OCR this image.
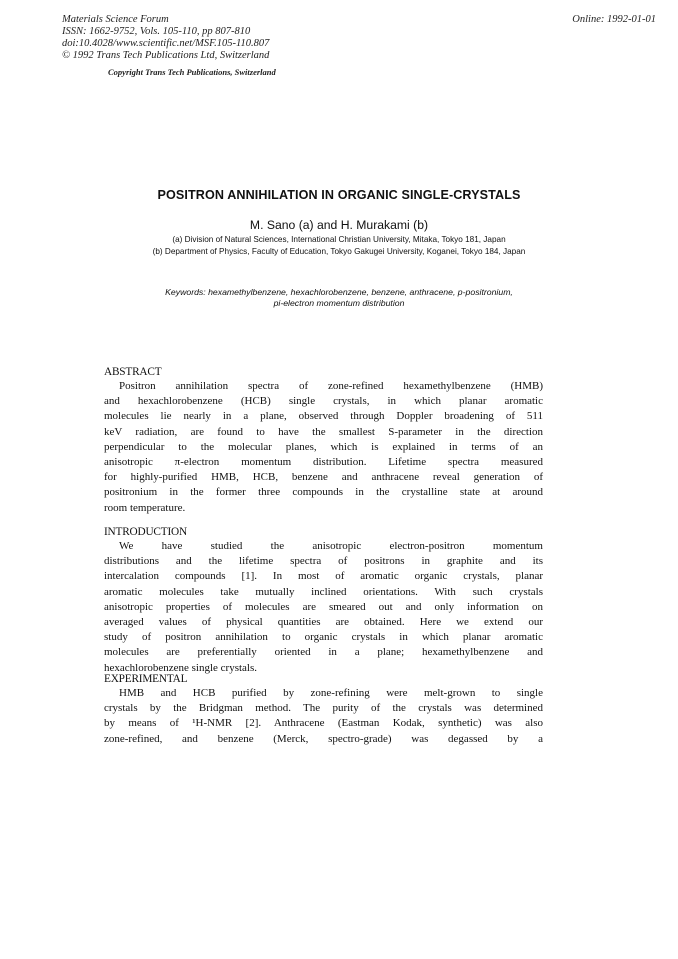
Materials Science Forum
ISSN: 1662-9752, Vols. 105-110, pp 807-810
doi:10.4028/www.scientific.net/MSF.105-110.807
© 1992 Trans Tech Publications Ltd, Switzerland
Online: 1992-01-01
Copyright Trans Tech Publications, Switzerland
POSITRON ANNIHILATION IN ORGANIC SINGLE-CRYSTALS
M. Sano (a) and H. Murakami (b)
(a) Division of Natural Sciences, International Christian University, Mitaka, Tokyo 181, Japan
(b) Department of Physics, Faculty of Education, Tokyo Gakugei University, Koganei, Tokyo 184, Japan
Keywords: hexamethylbenzene, hexachlorobenzene, benzene, anthracene, p-positronium,
pi-electron momentum distribution
ABSTRACT
Positron annihilation spectra of zone-refined hexamethylbenzene (HMB)
and hexachlorobenzene (HCB) single crystals, in which planar aromatic
molecules lie nearly in a plane, observed through Doppler broadening of 511
keV radiation, are found to have the smallest S-parameter in the direction
perpendicular to the molecular planes, which is explained in terms of an
anisotropic π-electron momentum distribution. Lifetime spectra measured
for highly-purified HMB, HCB, benzene and anthracene reveal generation of
positronium in the former three compounds in the crystalline state at around
room temperature.
INTRODUCTION
We have studied the anisotropic electron-positron momentum
distributions and the lifetime spectra of positrons in graphite and its
intercalation compounds [1]. In most of aromatic organic crystals, planar
aromatic molecules take mutually inclined orientations. With such crystals
anisotropic properties of molecules are smeared out and only information on
averaged values of physical quantities are obtained. Here we extend our
study of positron annihilation to organic crystals in which planar aromatic
molecules are preferentially oriented in a plane; hexamethylbenzene and
hexachlorobenzene single crystals.
EXPERIMENTAL
HMB and HCB purified by zone-refining were melt-grown to single
crystals by the Bridgman method. The purity of the crystals was determined
by means of ¹H-NMR [2]. Anthracene (Eastman Kodak, synthetic) was also
zone-refined, and benzene (Merck, spectro-grade) was degassed by a
